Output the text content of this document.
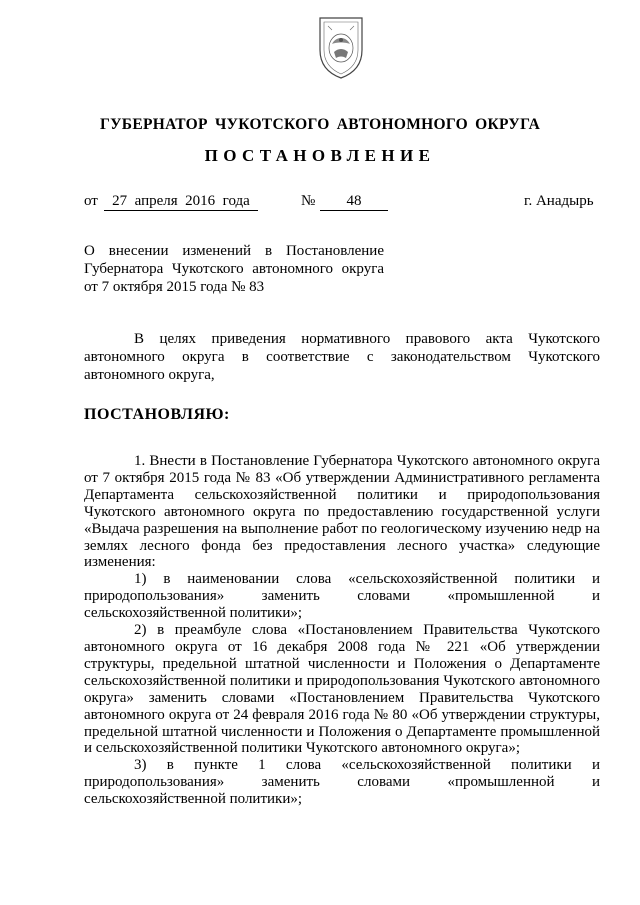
ГУБЕРНАТОР ЧУКОТСКОГО АВТОНОМНОГО ОКРУГА
ПОСТАНОВЛЕНИЕ
от 27  апреля  2016  года	№	48	г. Анадырь
О внесении изменений в Постановление
Губернатора Чукотского автономного округа
от 7 октября 2015 года № 83
В целях приведения нормативного правового акта Чукотского автономного округа в соответствие с законодательством Чукотского автономного округа,
ПОСТАНОВЛЯЮ:

1. Внести в Постановление Губернатора Чукотского автономного округа от 7 октября 2015 года № 83 «Об утверждении Административного регламента Департамента сельскохозяйственной политики и природопользования Чукотского автономного округа по предоставлению государственной услуги «Выдача разрешения на выполнение работ по геологическому изучению недр на землях лесного фонда без предоставления лесного участка» следующие изменения:

1) в наименовании слова «сельскохозяйственной политики и природопользования» заменить словами «промышленной и сельскохозяйственной политики»;

2) в преамбуле слова «Постановлением Правительства Чукотского автономного округа от 16 декабря 2008 года № 221 «Об утверждении структуры, предельной штатной численности и Положения о Департаменте сельскохозяйственной политики и природопользования Чукотского автономного округа» заменить словами «Постановлением Правительства Чукотского автономного округа от 24 февраля 2016 года № 80 «Об утверждении структуры, предельной штатной численности и Положения о Департаменте промышленной и сельскохозяйственной политики Чукотского автономного округа»;

3) в пункте 1 слова «сельскохозяйственной политики и природопользования» заменить словами «промышленной и сельскохозяйственной политики»;
